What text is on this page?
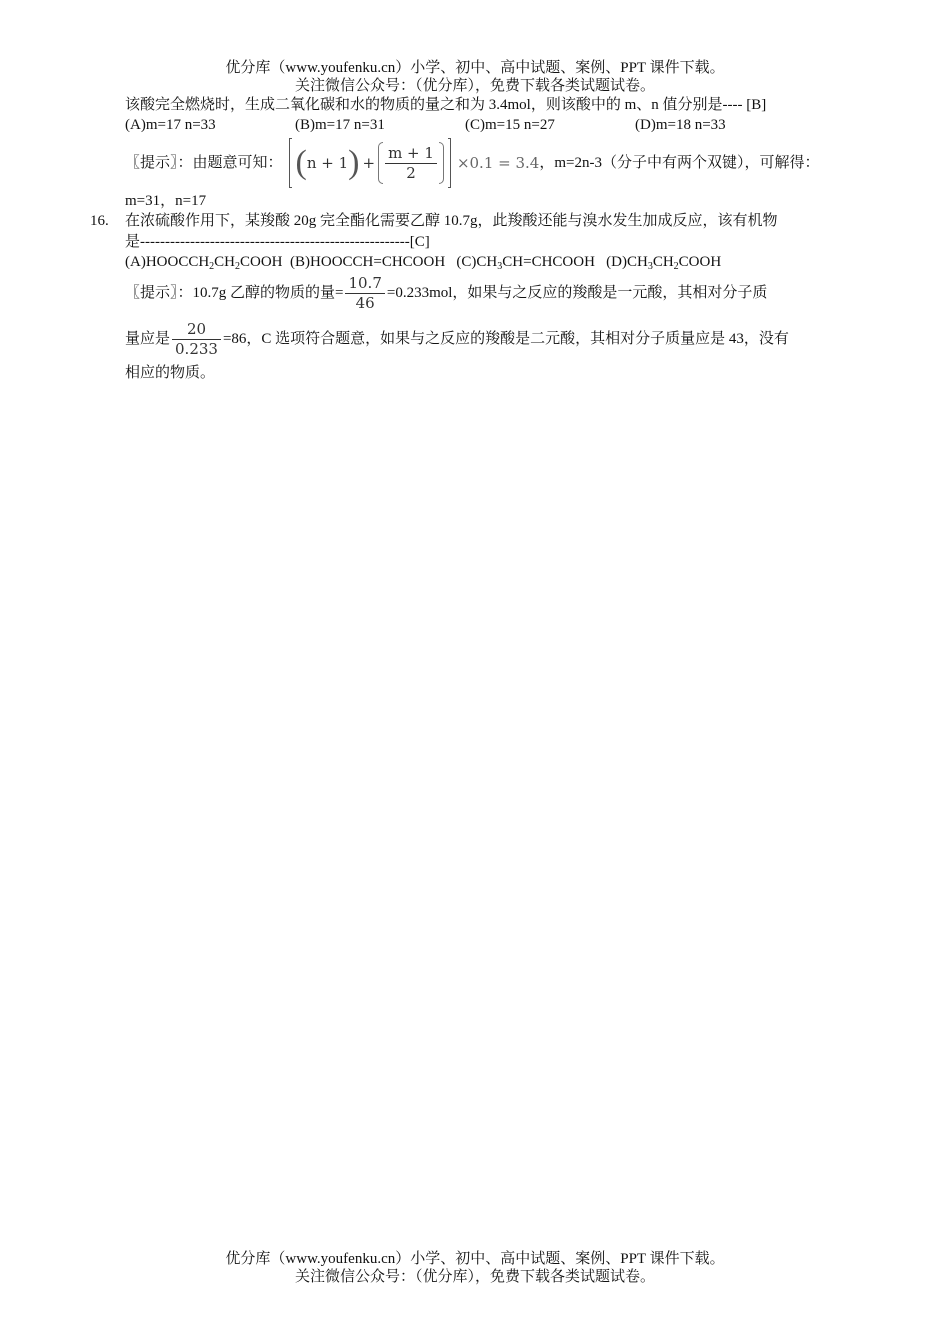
优分库（www.youfenku.cn）小学、初中、高中试题、案例、PPT 课件下载。
关注微信公众号：（优分库），免费下载各类试题试卷。
该酸完全燃烧时，生成二氧化碳和水的物质的量之和为 3.4mol，则该酸中的 m、n 值分别是---- [B]
(A)m=17 n=33	(B)m=17 n=31	(C)m=15 n=27	(D)m=18 n=33
〖提示〗：由题意可知： ( n + 1 ) + $\frac{m + 1}{2} \times 0.1 = 3.4$ ，m=2n-3（分子中有两个双键），可解得：
m=31，n=17
16. 在浓硫酸作用下，某羧酸 20g 完全酯化需要乙醇 10.7g，此羧酸还能与溴水发生加成反应，该有机物
是------------------------------------------------------[C]
$(A)HOOCCH_2CH_2COOH$ (B)HOOCCH=CHCOOH $(C)CH_3CH=CHCOOH$ $(D)CH_3CH_2COOH$
〖提示〗：10.7g 乙醇的物质的量= $\frac{10.7}{46} =0.233mol$，如果与之反应的羧酸是一元酸，其相对分子质
量应是 $\frac{20}{0.233} =86$，C 选项符合题意，如果与之反应的羧酸是二元酸，其相对分子质量应是 43，没有
相应的物质。
优分库（www.youfenku.cn）小学、初中、高中试题、案例、PPT 课件下载。
关注微信公众号：（优分库），免费下载各类试题试卷。
